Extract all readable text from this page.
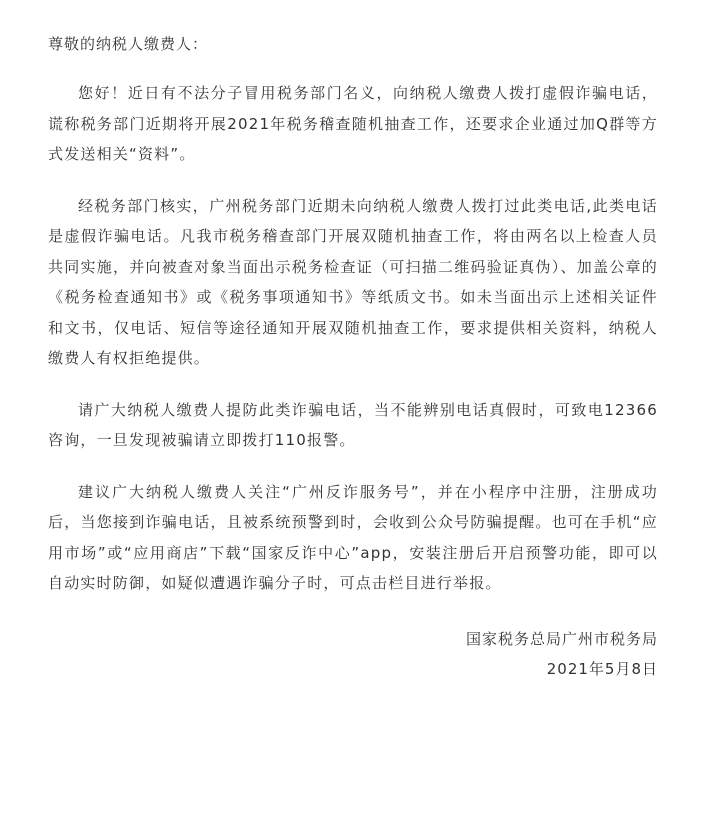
尊敬的纳税人缴费人：

您好！近日有不法分子冒用税务部门名义，向纳税人缴费人拨打虚假诈骗电话，谎称税务部门近期将开展2021年税务稽查随机抽查工作，还要求企业通过加Q群等方式发送相关“资料”。

经税务部门核实，广州税务部门近期未向纳税人缴费人拨打过此类电话,此类电话是虚假诈骗电话。凡我市税务稽查部门开展双随机抽查工作，将由两名以上检查人员共同实施，并向被查对象当面出示税务检查证（可扫描二维码验证真伪）、加盖公章的《税务检查通知书》或《税务事项通知书》等纸质文书。如未当面出示上述相关证件和文书，仅电话、短信等途径通知开展双随机抽查工作，要求提供相关资料，纳税人缴费人有权拒绝提供。

请广大纳税人缴费人提防此类诈骗电话，当不能辨别电话真假时，可致电12366咨询，一旦发现被骗请立即拨打110报警。

建议广大纳税人缴费人关注“广州反诈服务号”，并在小程序中注册，注册成功后，当您接到诈骗电话，且被系统预警到时，会收到公众号防骗提醒。也可在手机“应用市场”或“应用商店”下载“国家反诈中心”app，安装注册后开启预警功能，即可以自动实时防御，如疑似遭遇诈骗分子时，可点击栏目进行举报。

国家税务总局广州市税务局
2021年5月8日
